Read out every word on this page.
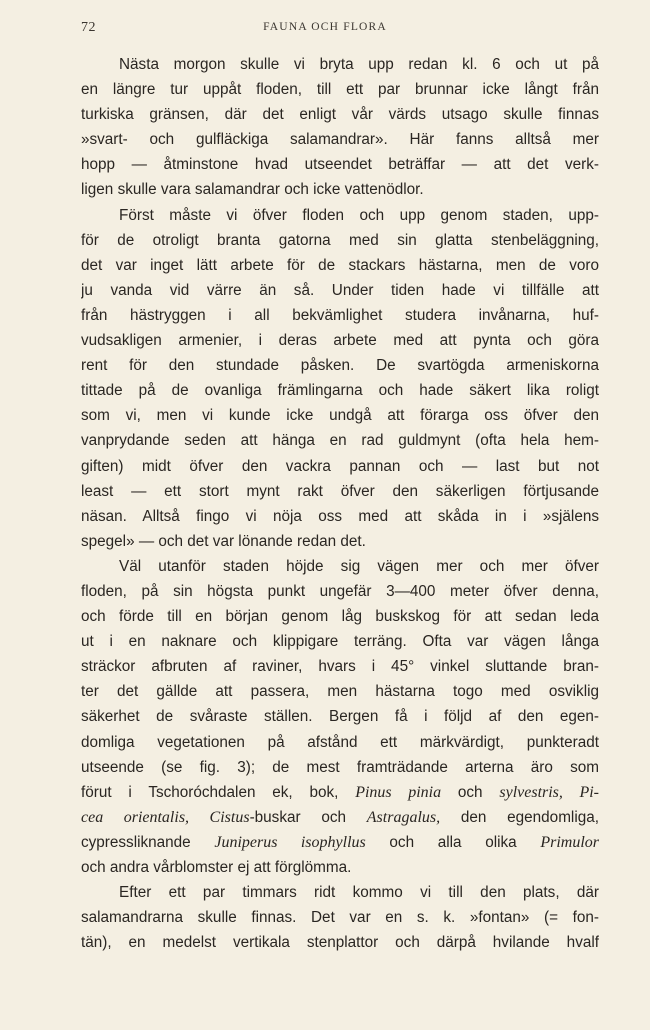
72	FAUNA OCH FLORA
Nästa morgon skulle vi bryta upp redan kl. 6 och ut på
en längre tur uppåt floden, till ett par brunnar icke långt från
turkiska gränsen, där det enligt vår värds utsago skulle finnas
»svart- och gulfläckiga salamandrar». Här fanns alltså mer
hopp — åtminstone hvad utseendet beträffar — att det verk-
ligen skulle vara salamandrar och icke vattenödlor.
Först måste vi öfver floden och upp genom staden, upp-
för de otroligt branta gatorna med sin glatta stenbeläggning,
det var inget lätt arbete för de stackars hästarna, men de voro
ju vanda vid värre än så. Under tiden hade vi tillfälle att
från hästryggen i all bekvämlighet studera invånarna, huf-
vudsakligen armenier, i deras arbete med att pynta och göra
rent för den stundade påsken. De svartögda armeniskorna
tittade på de ovanliga främlingarna och hade säkert lika roligt
som vi, men vi kunde icke undgå att förarga oss öfver den
vanprydande seden att hänga en rad guldmynt (ofta hela hem-
giften) midt öfver den vackra pannan och — last but not
least — ett stort mynt rakt öfver den säkerligen förtjusande
näsan. Alltså fingo vi nöja oss med att skåda in i »själens
spegel» — och det var lönande redan det.
Väl utanför staden höjde sig vägen mer och mer öfver
floden, på sin högsta punkt ungefär 3—400 meter öfver denna,
och förde till en början genom låg buskskog för att sedan leda
ut i en naknare och klippigare terräng. Ofta var vägen långa
sträckor afbruten af raviner, hvars i 45° vinkel sluttande bran-
ter det gällde att passera, men hästarna togo med osviklig
säkerhet de svåraste ställen. Bergen få i följd af den egen-
domliga vegetationen på afstånd ett märkvärdigt, punkteradt
utseende (se fig. 3); de mest framträdande arterna äro som
förut i Tschoróchdalen ek, bok, Pinus pinia och sylvestris, Pi-
cea orientalis, Cistus-buskar och Astragalus, den egendomliga,
cypressliknande Juniperus isophyllus och alla olika Primulor
och andra vårblomster ej att förglömma.
Efter ett par timmars ridt kommo vi till den plats, där
salamandrarna skulle finnas. Det var en s. k. »fontan» (= fon-
tän), en medelst vertikala stenplattor och därpå hvilande hvalf
